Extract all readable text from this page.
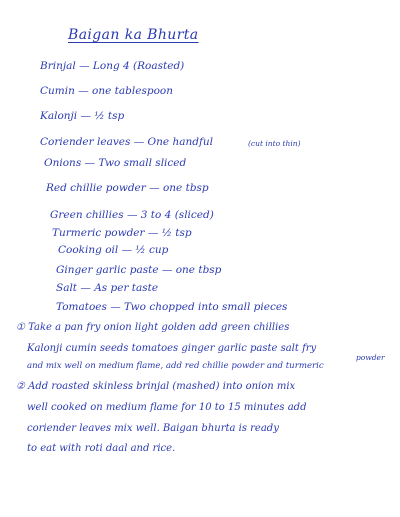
Baigan ka Bhurta
Brinjal — Long 4 (Roasted)
Cumin — one tablespoon
Kalonji — ½ tsp
Coriender leaves — One handful	(cut into thin)
Onions — Two small sliced
Red chillie powder — one tbsp
Green chillies — 3 to 4 (sliced)
Turmeric powder — ½ tsp
Cooking oil — ½ cup
Ginger garlic paste — one tbsp
Salt — As per taste
Tomatoes — Two chopped into small pieces
① Take a pan fry onion light golden add green chillies
Kalonji cumin seeds tomatoes ginger garlic paste salt fry
and mix well on medium flame, add red chillie powder and turmeric
powder
② Add roasted skinless brinjal (mashed) into onion mix
well cooked on medium flame for 10 to 15 minutes add
coriender leaves mix well. Baigan bhurta is ready
to eat with roti daal and rice.
